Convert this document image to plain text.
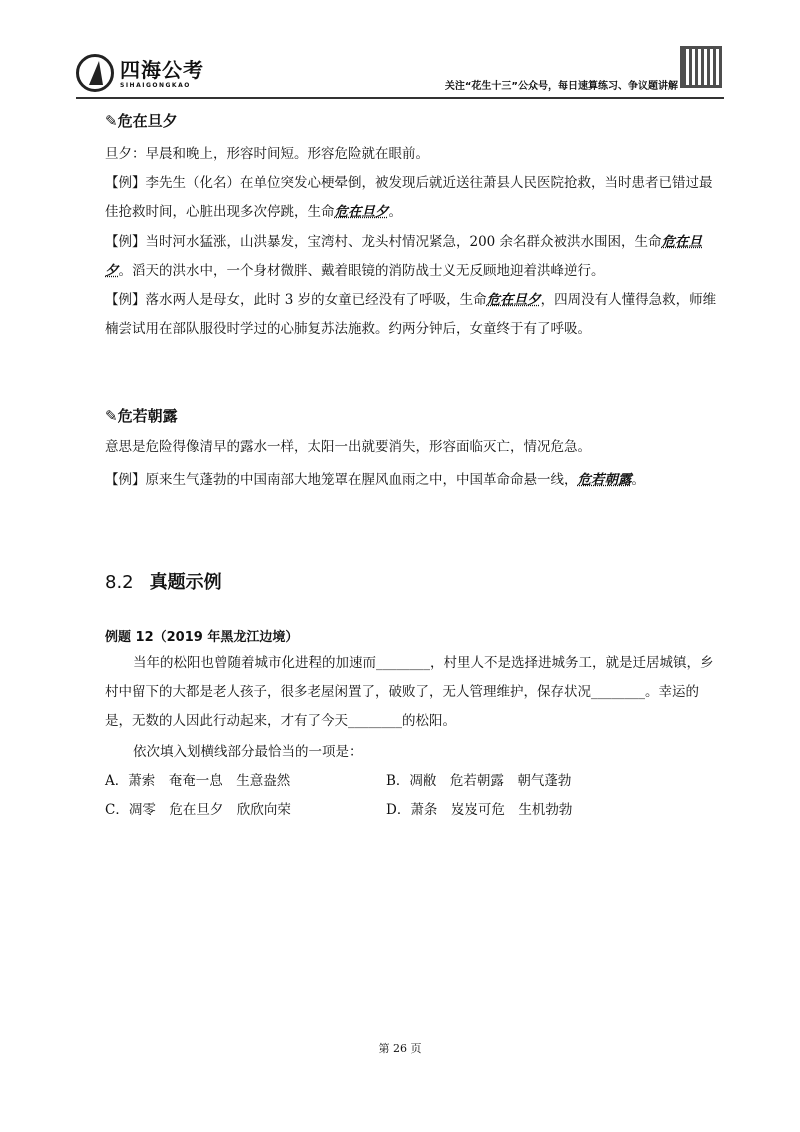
四海公考
SIHAIGONGKAO	关注“花生十三”公众号，每日速算练习、争议题讲解
✎危在旦夕
旦夕：早晨和晚上，形容时间短。形容危险就在眼前。
【例】李先生（化名）在单位突发心梗晕倒，被发现后就近送往萧县人民医院抢救，当时患者已错过最佳抢救时间，心脏出现多次停跳，生命危在旦夕。
【例】当时河水猛涨，山洪暴发，宝湾村、龙头村情况紧急，200 余名群众被洪水围困，生命危在旦夕。滔天的洪水中，一个身材微胖、戴着眼镜的消防战士义无反顾地迎着洪峰逆行。
【例】落水两人是母女，此时 3 岁的女童已经没有了呼吸，生命危在旦夕，四周没有人懂得急救，师维楠尝试用在部队服役时学过的心肺复苏法施救。约两分钟后，女童终于有了呼吸。
✎危若朝露
意思是危险得像清早的露水一样，太阳一出就要消失，形容面临灭亡，情况危急。
【例】原来生气蓬勃的中国南部大地笼罩在腥风血雨之中，中国革命命悬一线，危若朝露。
8.2 真题示例
例题 12（2019 年黑龙江边境）
当年的松阳也曾随着城市化进程的加速而________，村里人不是选择进城务工，就是迁居城镇，乡村中留下的大都是老人孩子，很多老屋闲置了，破败了，无人管理维护，保存状况________。幸运的是，无数的人因此行动起来，才有了今天________的松阳。
依次填入划横线部分最恰当的一项是：
A．萧索　奄奄一息　生意盎然	B．凋敝　危若朝露　朝气蓬勃
C．凋零　危在旦夕　欣欣向荣	D．萧条　岌岌可危　生机勃勃
第 26 页
